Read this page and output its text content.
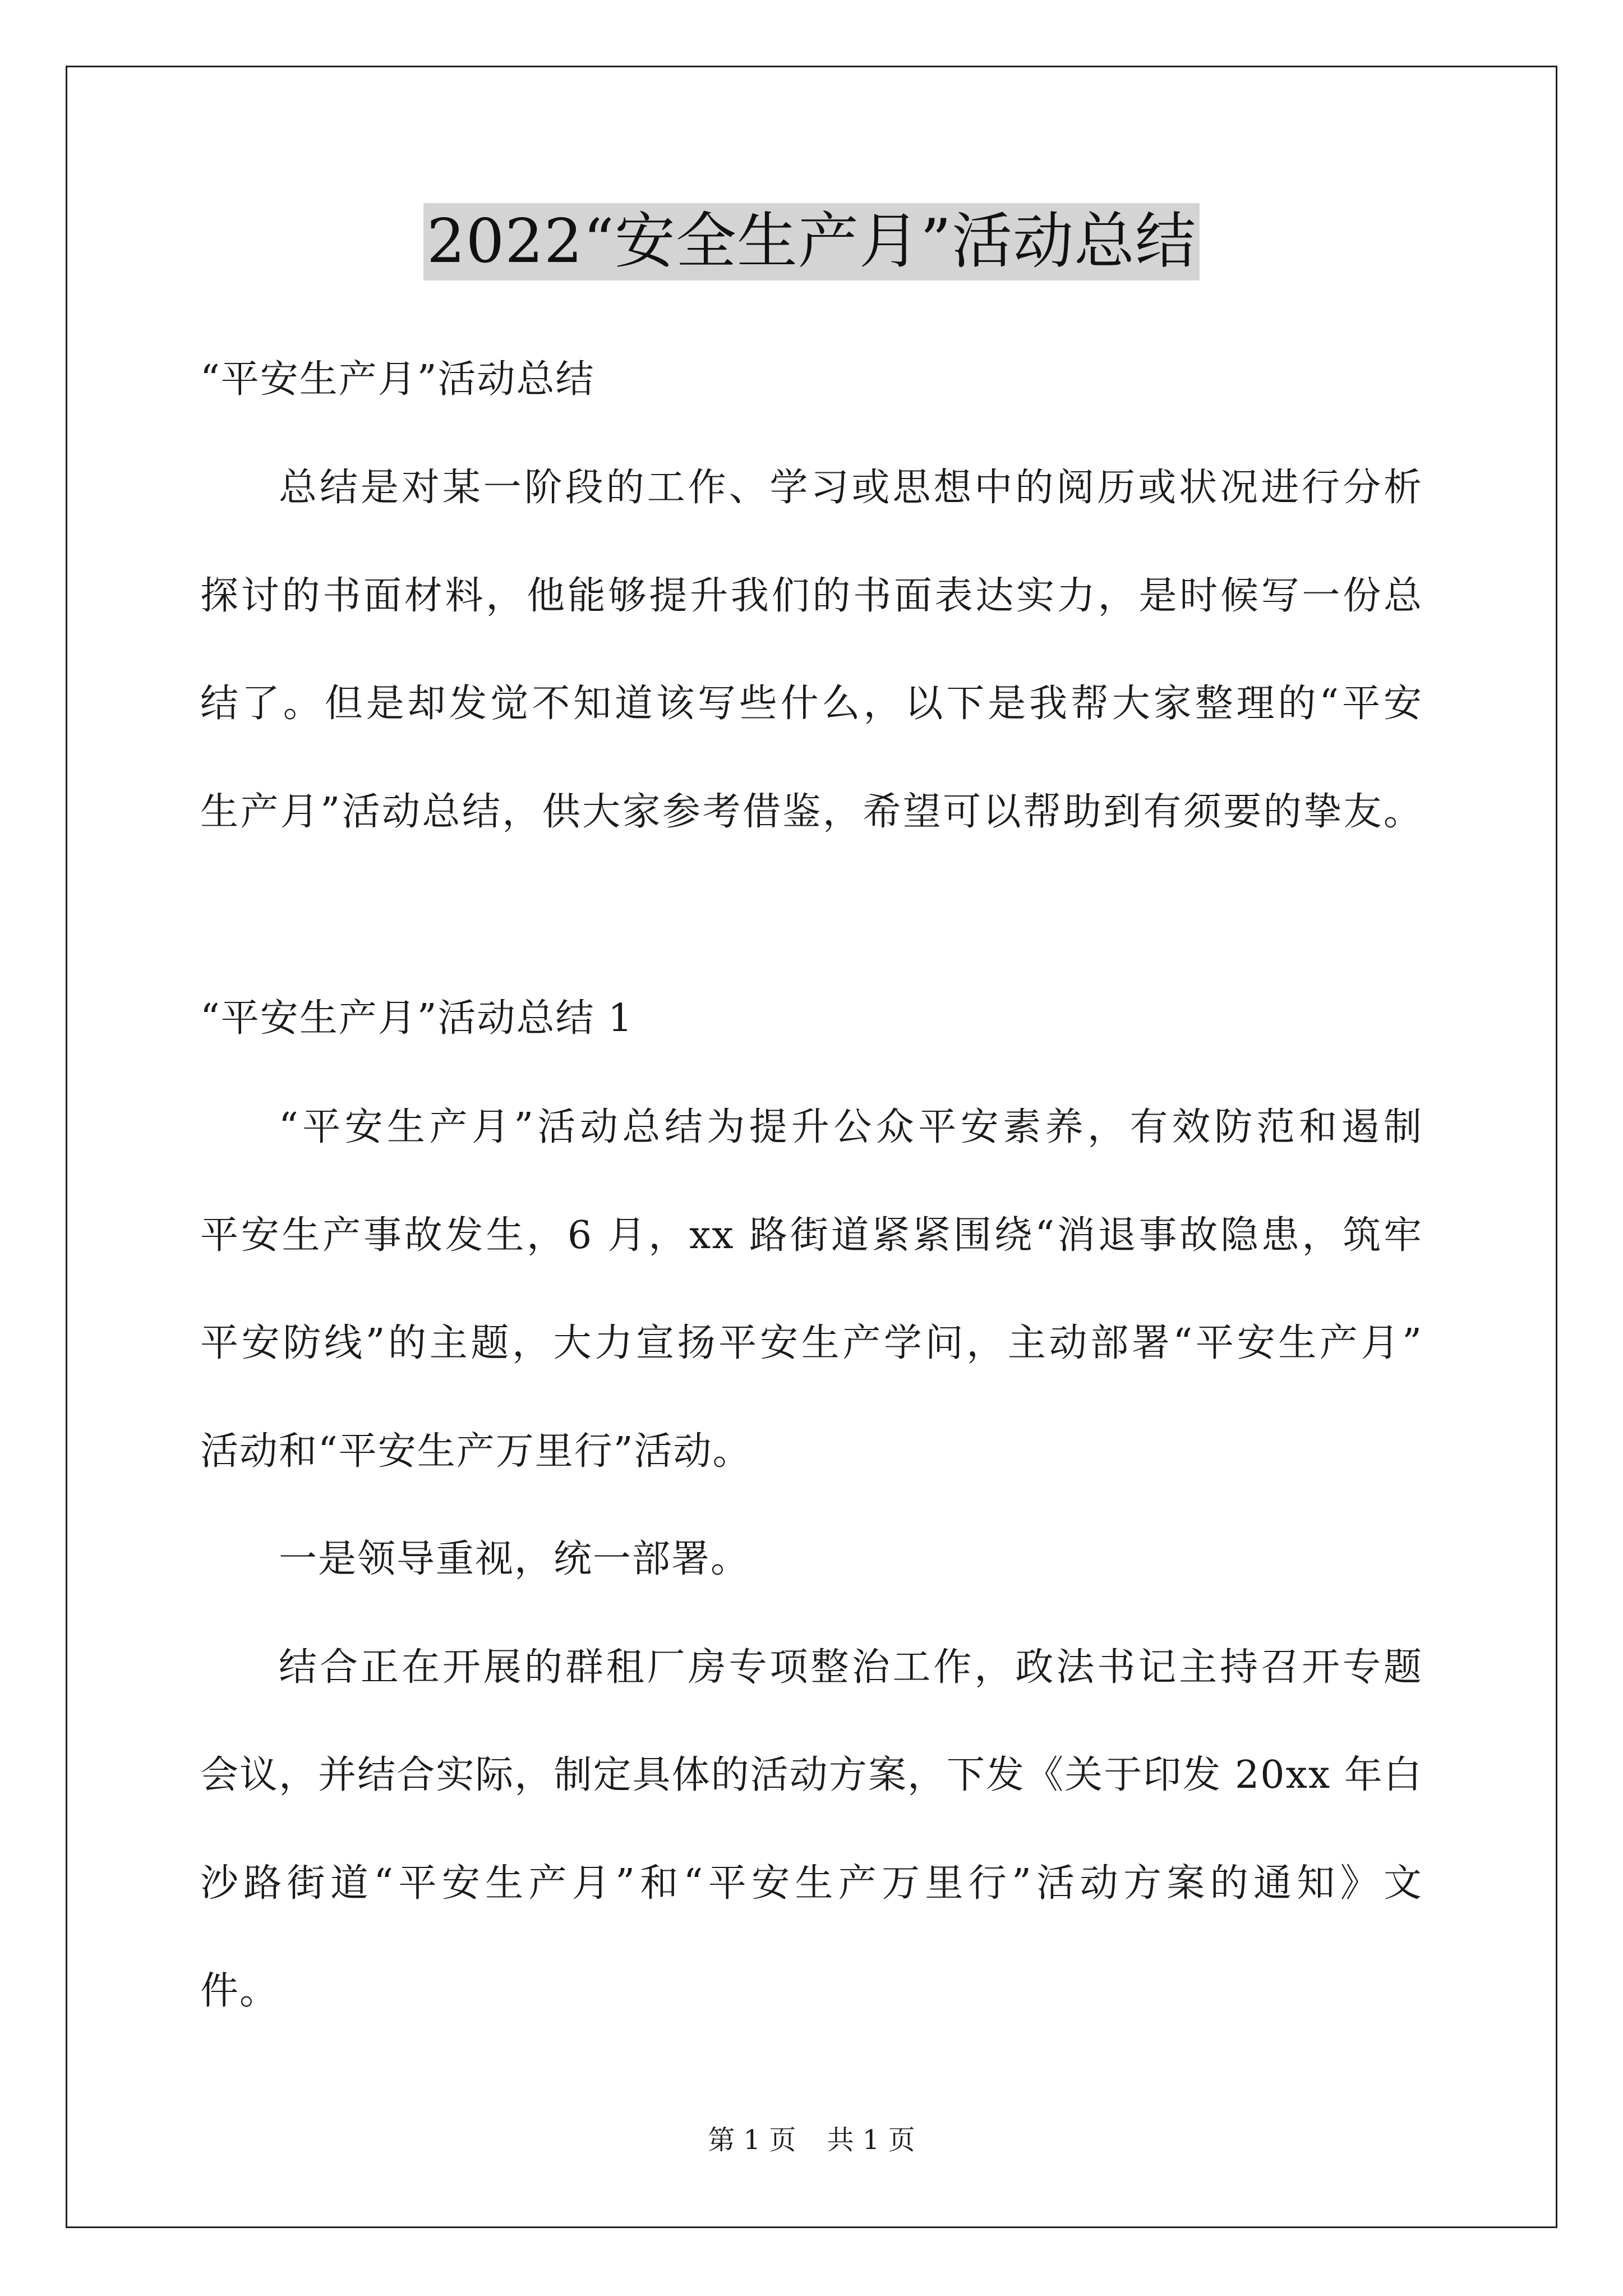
2022“安全生产月”活动总结
“平安生产月”活动总结
总结是对某一阶段的工作、学习或思想中的阅历或状况进行分析
探讨的书面材料，他能够提升我们的书面表达实力，是时候写一份总
结了。但是却发觉不知道该写些什么，以下是我帮大家整理的“平安
生产月”活动总结，供大家参考借鉴，希望可以帮助到有须要的挚友。
“平安生产月”活动总结 1
“平安生产月”活动总结为提升公众平安素养，有效防范和遏制
平安生产事故发生，6 月，xx 路街道紧紧围绕“消退事故隐患，筑牢
平安防线”的主题，大力宣扬平安生产学问，主动部署“平安生产月”
活动和“平安生产万里行”活动。
一是领导重视，统一部署。
结合正在开展的群租厂房专项整治工作，政法书记主持召开专题
会议，并结合实际，制定具体的活动方案，下发《关于印发 20xx 年白
沙路街道“平安生产月”和“平安生产万里行”活动方案的通知》文
件。
第 1 页 共 1 页
